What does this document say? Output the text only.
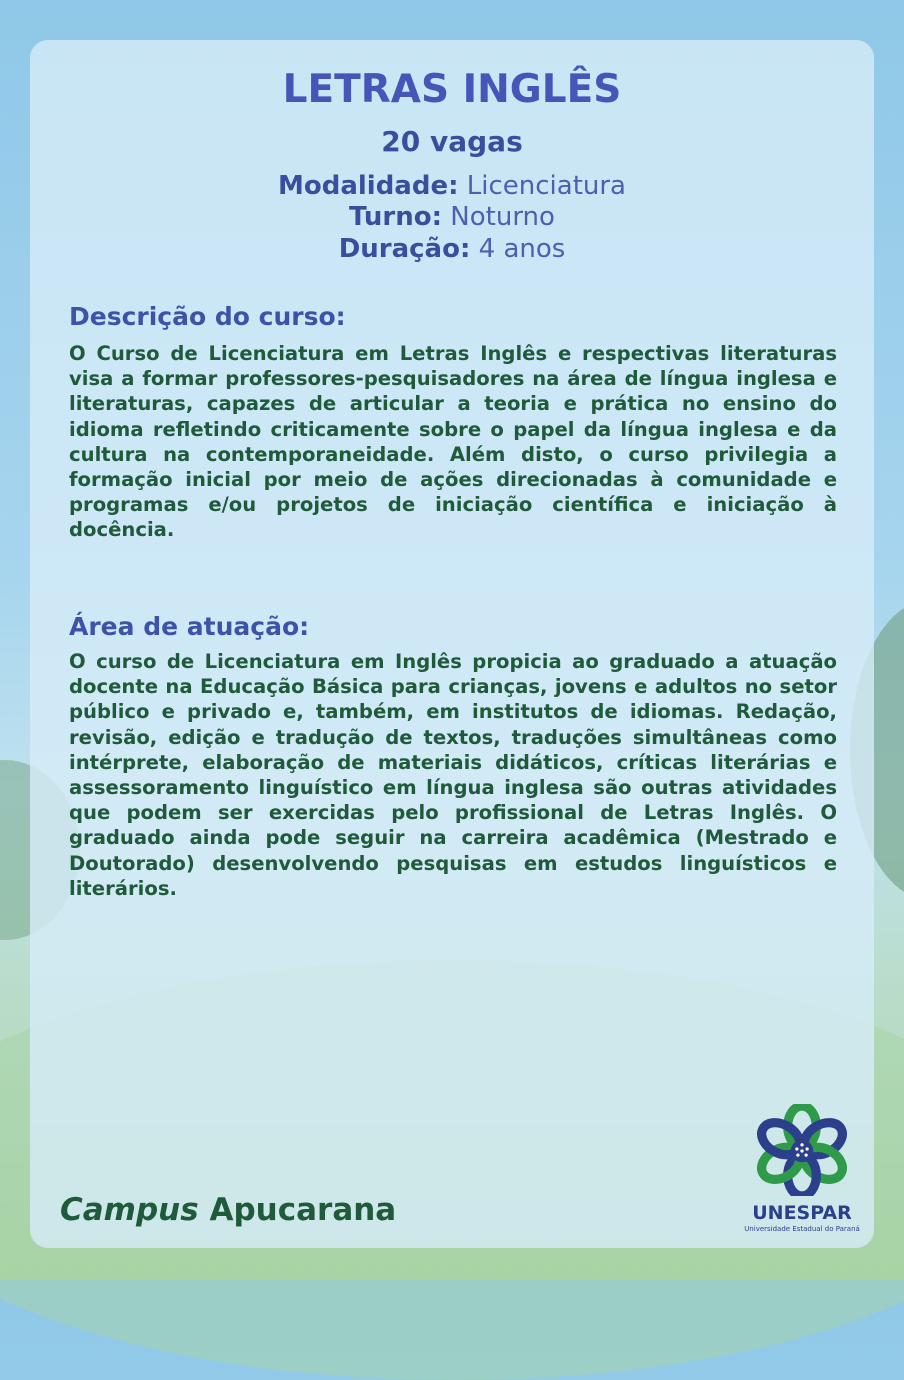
LETRAS INGLÊS
20 vagas
Modalidade: Licenciatura
Turno: Noturno
Duração: 4 anos
Descrição do curso:
O Curso de Licenciatura em Letras Inglês e respectivas literaturas visa a formar professores-pesquisadores na área de língua inglesa e literaturas, capazes de articular a teoria e prática no ensino do idioma refletindo criticamente sobre o papel da língua inglesa e da cultura na contemporaneidade. Além disto, o curso privilegia a formação inicial por meio de ações direcionadas à comunidade e programas e/ou projetos de iniciação científica e iniciação à docência.
Área de atuação:
O curso de Licenciatura em Inglês propicia ao graduado a atuação docente na Educação Básica para crianças, jovens e adultos no setor público e privado e, também, em institutos de idiomas. Redação, revisão, edição e tradução de textos, traduções simultâneas como intérprete, elaboração de materiais didáticos, críticas literárias e assessoramento linguístico em língua inglesa são outras atividades que podem ser exercidas pelo profissional de Letras Inglês. O graduado ainda pode seguir na carreira acadêmica (Mestrado e Doutorado) desenvolvendo pesquisas em estudos linguísticos e literários.
Campus Apucarana	UNESPAR
Universidade Estadual do Paraná
